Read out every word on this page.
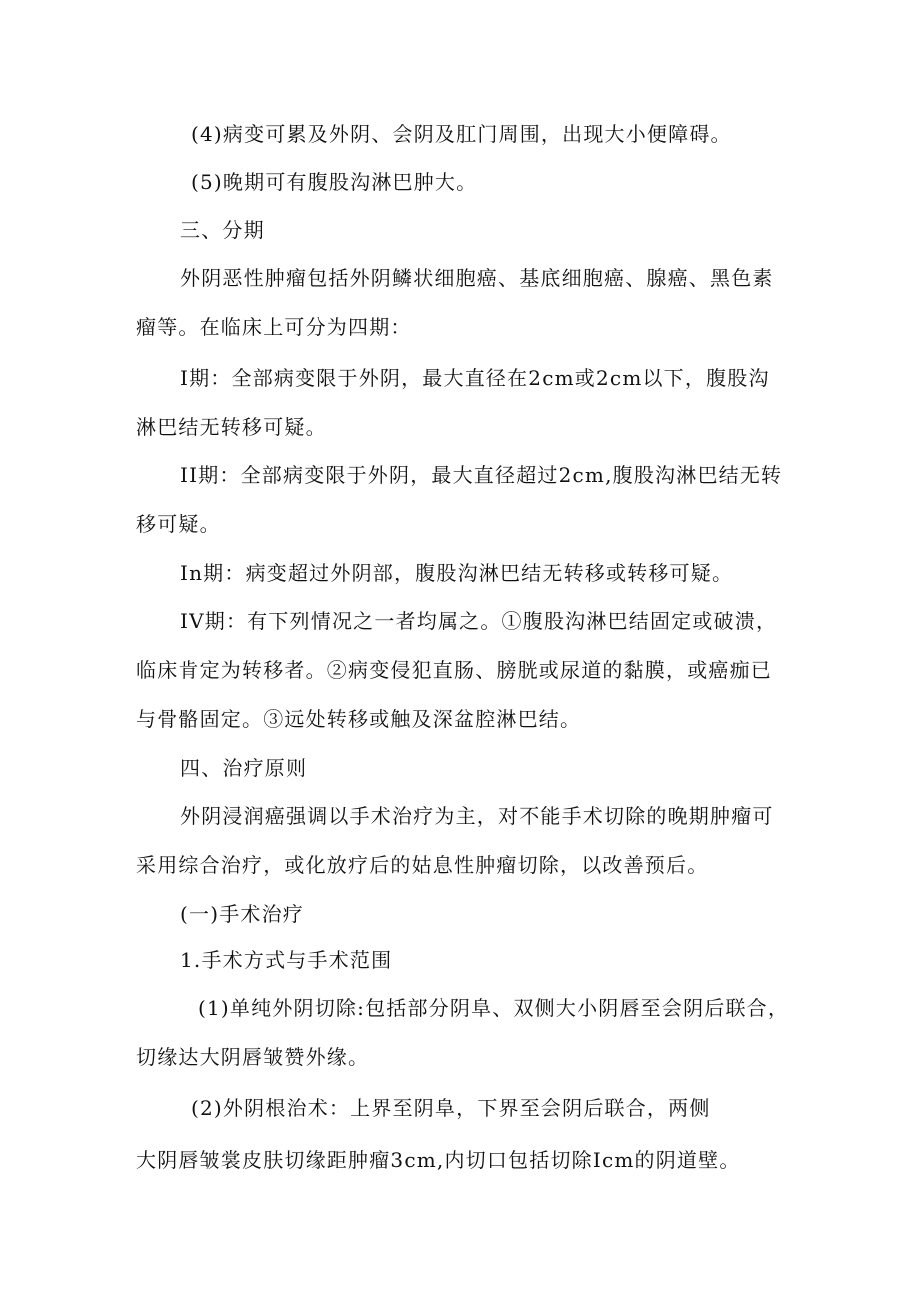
(4)病变可累及外阴、会阴及肛门周围，出现大小便障碍。
(5)晚期可有腹股沟淋巴肿大。
三、分期
外阴恶性肿瘤包括外阴鳞状细胞癌、基底细胞癌、腺癌、黑色素
瘤等。在临床上可分为四期：
I期：全部病变限于外阴，最大直径在2cm或2cm以下，腹股沟
淋巴结无转移可疑。
II期：全部病变限于外阴，最大直径超过2cm,腹股沟淋巴结无转
移可疑。
In期：病变超过外阴部，腹股沟淋巴结无转移或转移可疑。
IV期：有下列情况之一者均属之。①腹股沟淋巴结固定或破溃，
临床肯定为转移者。②病变侵犯直肠、膀胱或尿道的黏膜，或癌痂已
与骨骼固定。③远处转移或触及深盆腔淋巴结。
四、治疗原则
外阴浸润癌强调以手术治疗为主，对不能手术切除的晚期肿瘤可
采用综合治疗，或化放疗后的姑息性肿瘤切除，以改善预后。
(一)手术治疗
1.手术方式与手术范围
(1)单纯外阴切除:包括部分阴阜、双侧大小阴唇至会阴后联合，
切缘达大阴唇皱赞外缘。
(2)外阴根治术：上界至阴阜，下界至会阴后联合，两侧
大阴唇皱裳皮肤切缘距肿瘤3cm,内切口包括切除Icm的阴道壁。
